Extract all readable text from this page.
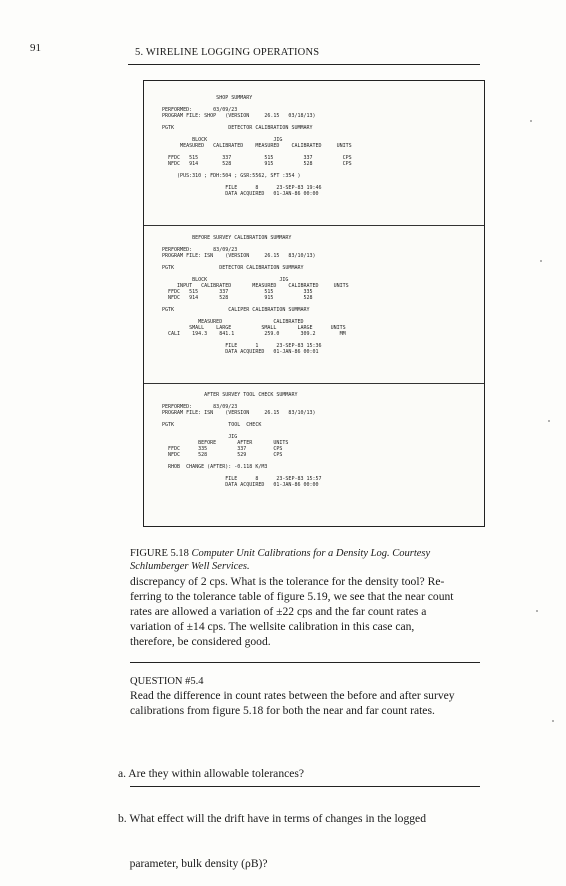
91	5. WIRELINE LOGGING OPERATIONS
SHOP SUMMARY

PERFORMED:       03/09/23
PROGRAM FILE: SHOP   (VERSION     26.15   03/18/13)

PGTK                  DETECTOR CALIBRATION SUMMARY

BLOCK                      JIG
MEASURED   CALIBRATED    MEASURED    CALIBRATED     UNITS

FFDC   515        337           515          337          CPS
NFDC   914        528           915          528          CPS

(PUS:310 ; FDH:504 ; GSR:5562, SFT :354 )

FILE      8      23-SEP-83 19:46
DATA ACQUIRED   01-JAN-86 00:00
BEFORE SURVEY CALIBRATION SUMMARY

PERFORMED:       83/09/23
PROGRAM FILE: ISN    (VERSION     26.15   83/10/13)

PGTK               DETECTOR CALIBRATION SUMMARY

BLOCK                        JIG
INPUT   CALIBRATED       MEASURED    CALIBRATED     UNITS
FFDC   515       337            515          335
NFDC   914       528            915          528

PGTK                  CALIPER CALIBRATION SUMMARY

MEASURED                 CALIBRATED
SMALL    LARGE          SMALL       LARGE      UNITS
CALI    194.3    841.1          259.0       309.2        MM

FILE      1      23-SEP-83 15:36
DATA ACQUIRED   01-JAN-86 00:01
AFTER SURVEY TOOL CHECK SUMMARY

PERFORMED:       83/09/23
PROGRAM FILE: ISN    (VERSION     26.15   83/10/13)

PGTK                  TOOL  CHECK

JIG
BEFORE       AFTER       UNITS
FFDC      335          337         CPS
NFDC      528          529         CPS

RHOB  CHANGE (AFTER): -0.118 K/M3

FILE      8      23-SEP-83 15:57
DATA ACQUIRED   01-JAN-86 00:00
FIGURE 5.18 Computer Unit Calibrations for a Density Log. Courtesy Schlumberger Well Services.
discrepancy of 2 cps. What is the tolerance for the density tool? Re-
ferring to the tolerance table of figure 5.19, we see that the near count
rates are allowed a variation of ±22 cps and the far count rates a
variation of ±14 cps. The wellsite calibration in this case can,
therefore, be considered good.
QUESTION #5.4
Read the difference in count rates between the before and after survey
calibrations from figure 5.18 for both the near and far count rates.

a. Are they within allowable tolerances?

b. What effect will the drift have in terms of changes in the logged

parameter, bulk density (ρB)?
